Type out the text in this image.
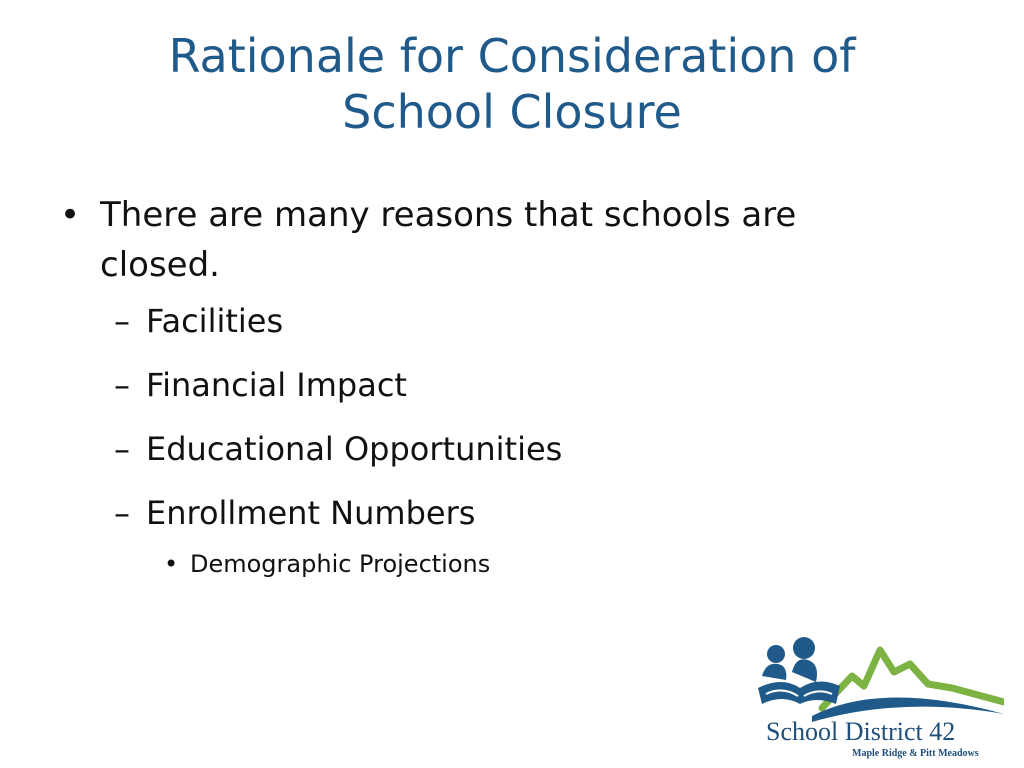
Rationale for Consideration of
School Closure
• There are many reasons that schools are
closed.
– Facilities
– Financial Impact
– Educational Opportunities
– Enrollment Numbers
• Demographic Projections
School District 42
Maple Ridge & Pitt Meadows
